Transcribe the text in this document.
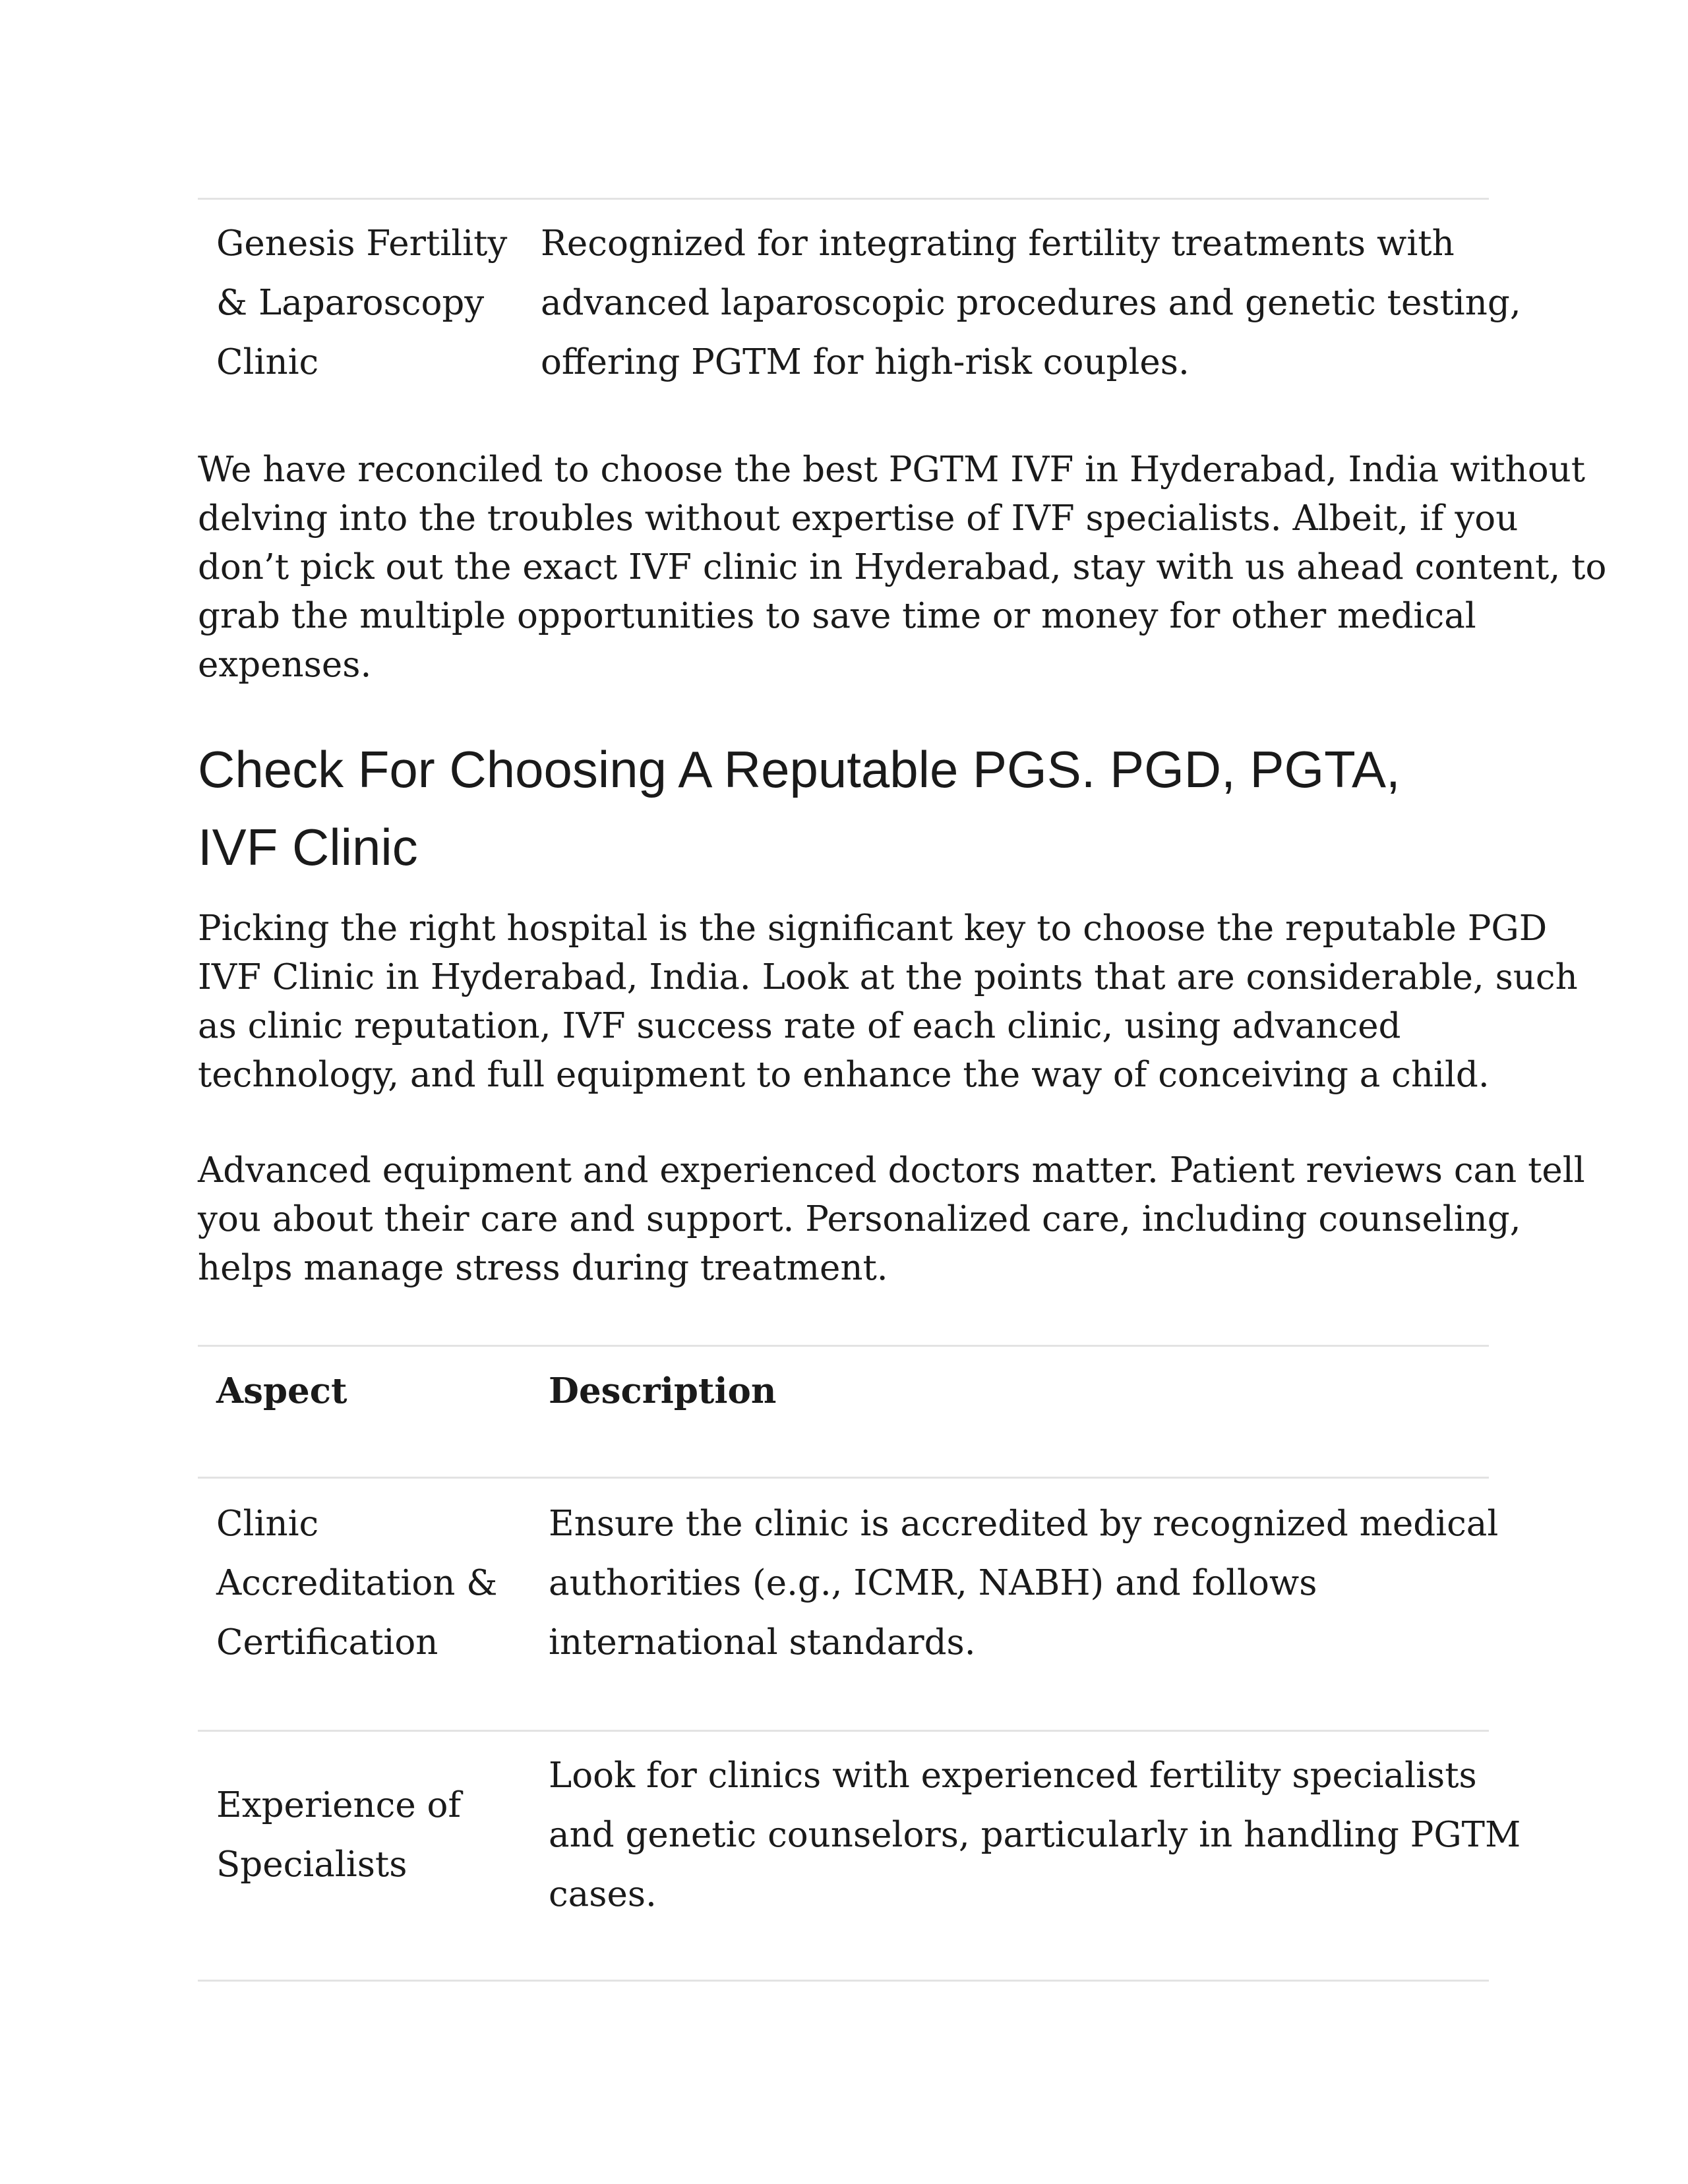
Genesis Fertility
& Laparoscopy
Clinic
Recognized for integrating fertility treatments with
advanced laparoscopic procedures and genetic testing,
offering PGTM for high-risk couples.
We have reconciled to choose the best PGTM IVF in Hyderabad, India without
delving into the troubles without expertise of IVF specialists. Albeit, if you
don’t pick out the exact IVF clinic in Hyderabad, stay with us ahead content, to
grab the multiple opportunities to save time or money for other medical
expenses.
Check For Choosing A Reputable PGS. PGD, PGTA,
IVF Clinic
Picking the right hospital is the significant key to choose the reputable PGD
IVF Clinic in Hyderabad, India. Look at the points that are considerable, such
as clinic reputation, IVF success rate of each clinic, using advanced
technology, and full equipment to enhance the way of conceiving a child.
Advanced equipment and experienced doctors matter. Patient reviews can tell
you about their care and support. Personalized care, including counseling,
helps manage stress during treatment.
Aspect	Description
Clinic
Accreditation &
Certification
Ensure the clinic is accredited by recognized medical
authorities (e.g., ICMR, NABH) and follows
international standards.
Experience of
Specialists
Look for clinics with experienced fertility specialists
and genetic counselors, particularly in handling PGTM
cases.
